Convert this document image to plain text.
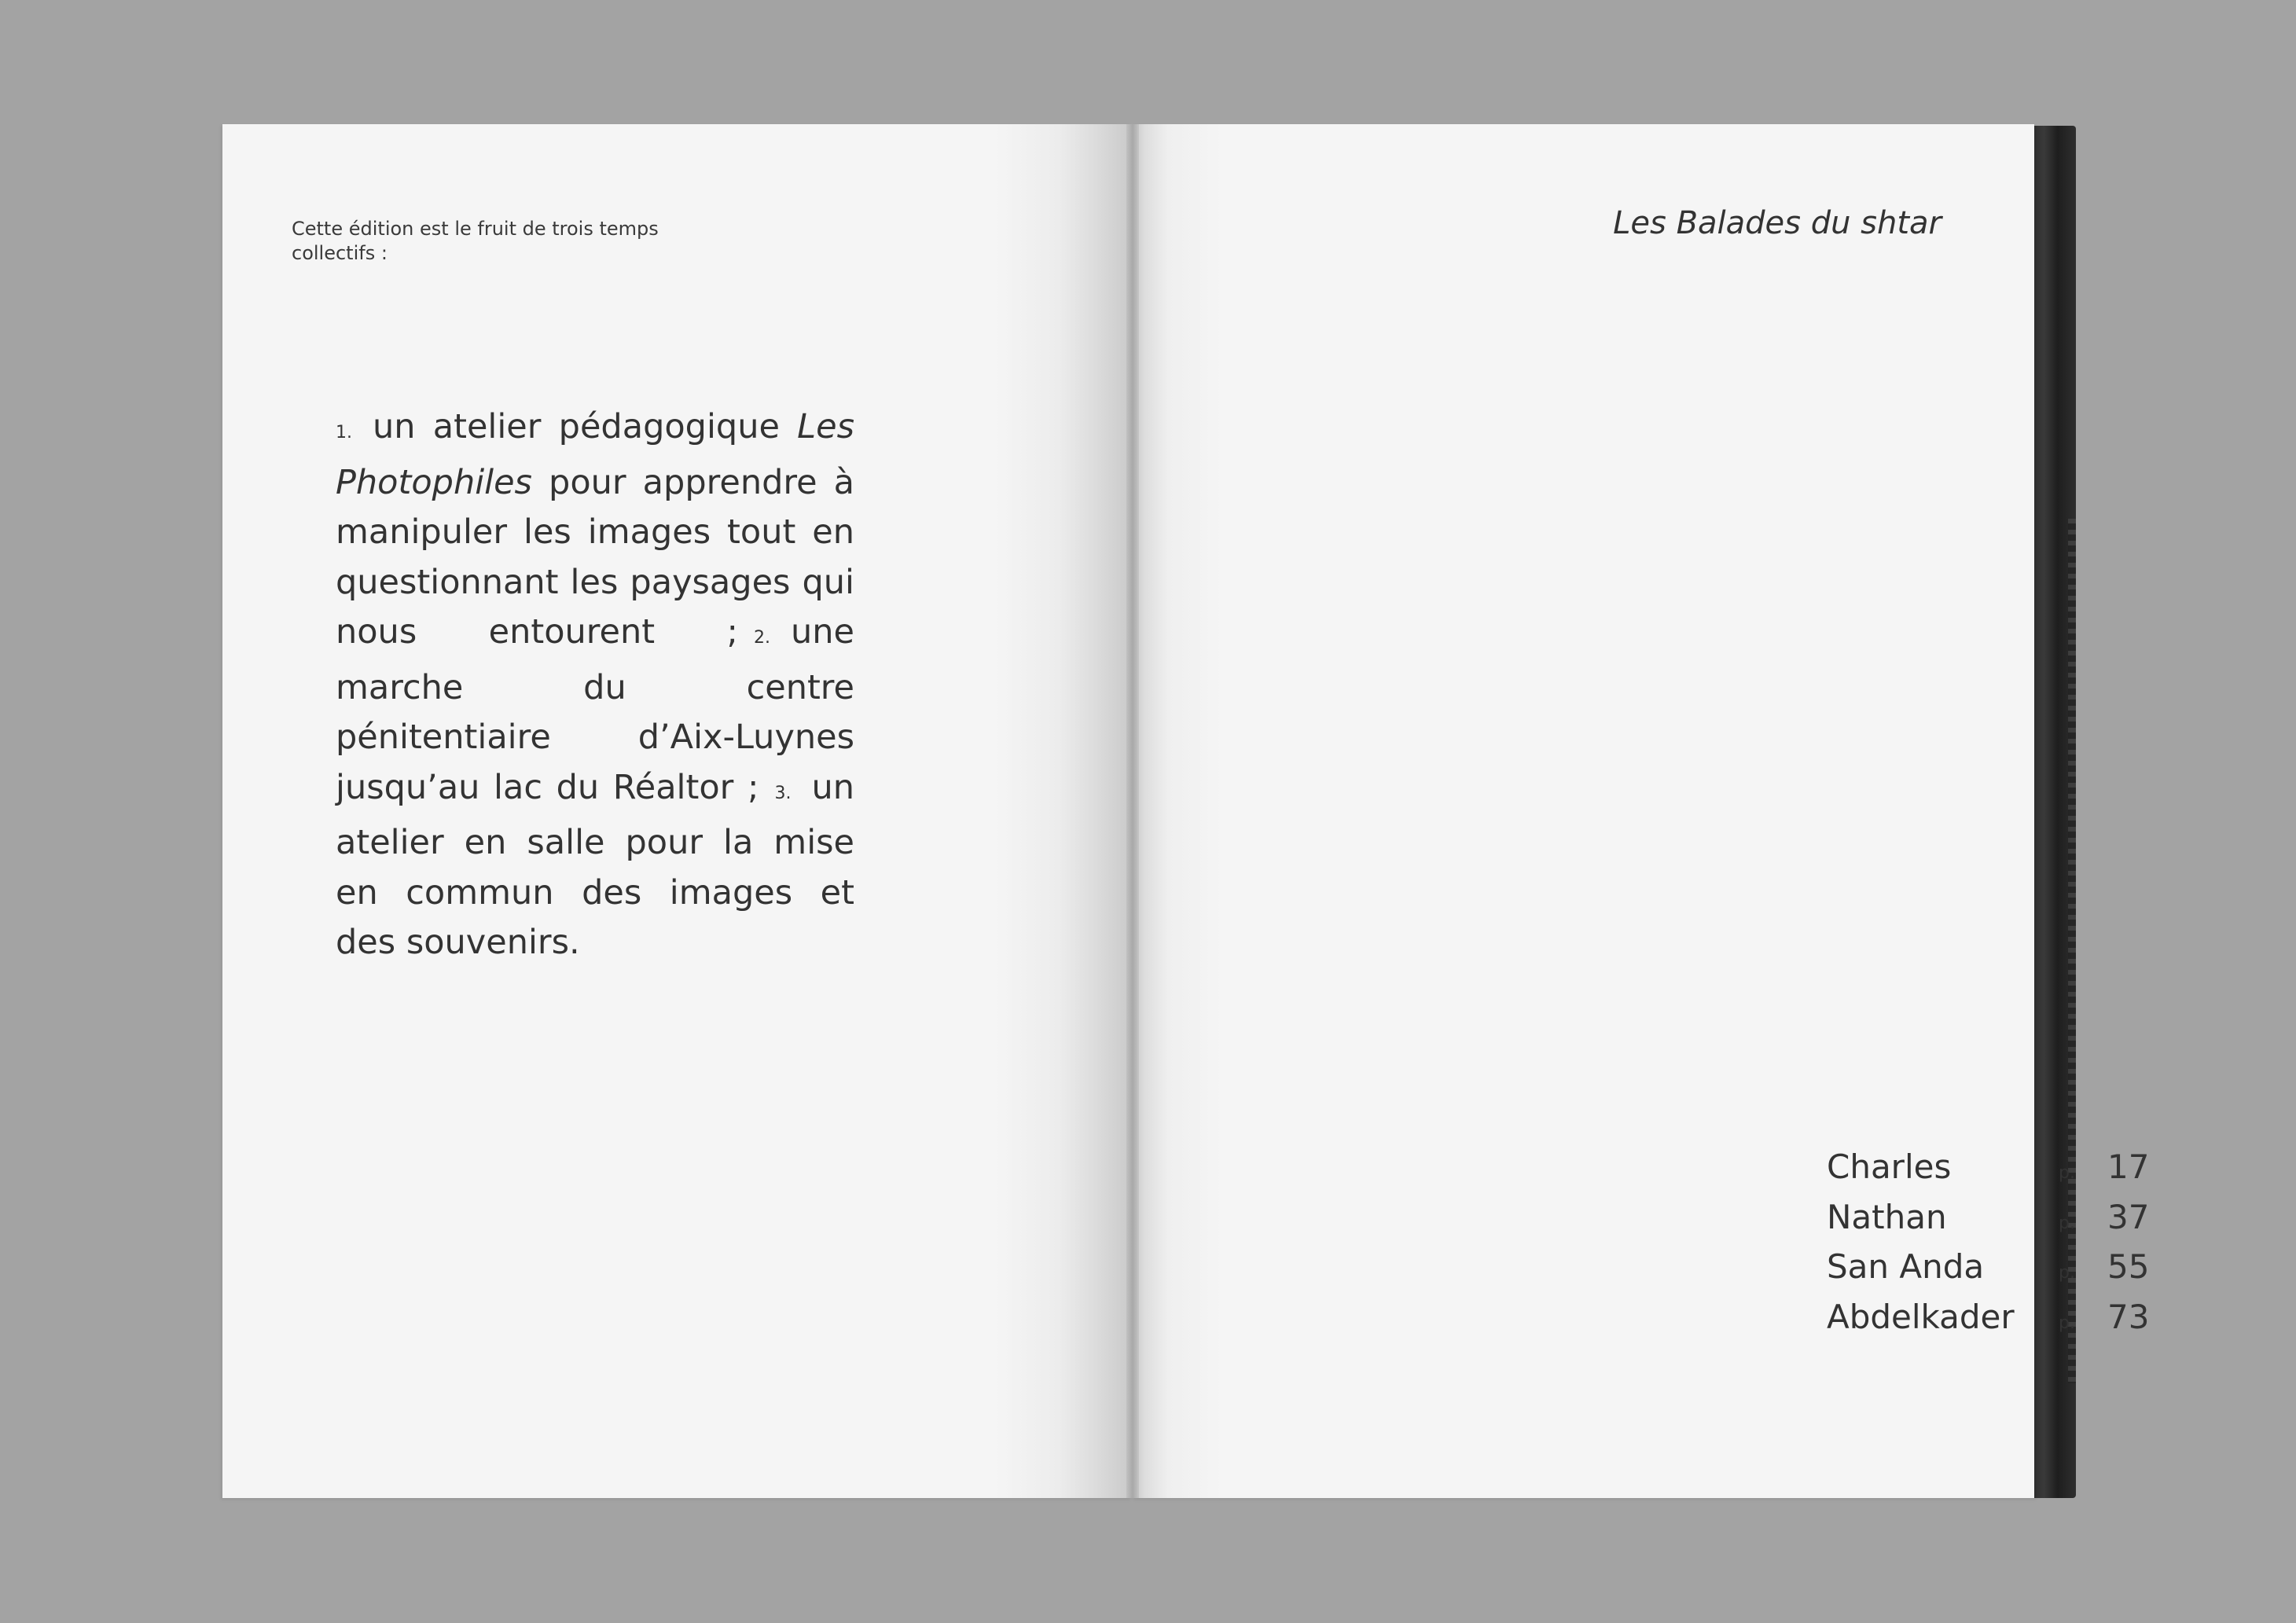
Cette édition est le fruit de trois temps collectifs :
1. un atelier pédagogique Les Photophiles pour apprendre à manipuler les images tout en questionnant les paysages qui nous entourent ; 2. une marche du centre pénitentiaire d’Aix-Luynes jusqu’au lac du Réaltor ; 3. un atelier en salle pour la mise en commun des images et des souvenirs.
Les Balades du shtar
Charles	p. 17
Nathan	p. 37
San Anda	p. 55
Abdelkader	p. 73
